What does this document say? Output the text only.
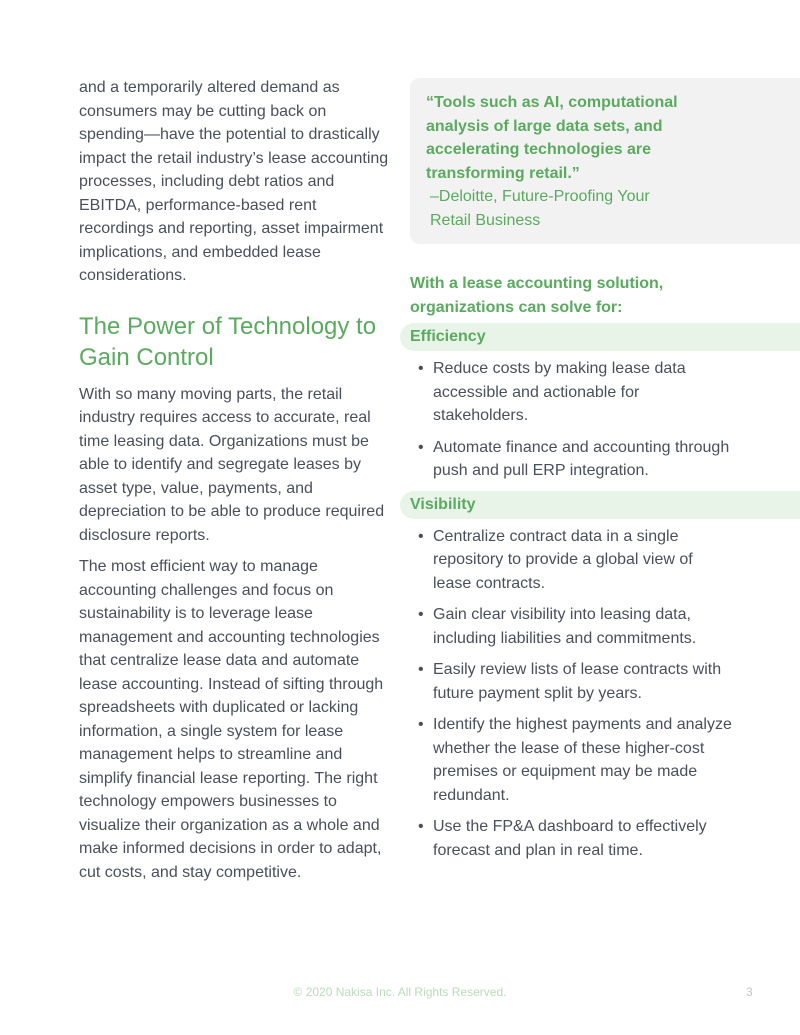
and a temporarily altered demand as consumers may be cutting back on spending—have the potential to drastically impact the retail industry’s lease accounting processes, including debt ratios and EBITDA, performance-based rent recordings and reporting, asset impairment implications, and embedded lease considerations.

The Power of Technology to Gain Control

With so many moving parts, the retail industry requires access to accurate, real time leasing data. Organizations must be able to identify and segregate leases by asset type, value, payments, and depreciation to be able to produce required disclosure reports.

The most efficient way to manage accounting challenges and focus on sustainability is to leverage lease management and accounting technologies that centralize lease data and automate lease accounting. Instead of sifting through spreadsheets with duplicated or lacking information, a single system for lease management helps to streamline and simplify financial lease reporting. The right technology empowers businesses to visualize their organization as a whole and make informed decisions in order to adapt, cut costs, and stay competitive.

“Tools such as AI, computational analysis of large data sets, and accelerating technologies are transforming retail.”

–Deloitte, Future-Proofing Your Retail Business

With a lease accounting solution, organizations can solve for:

Efficiency
• Reduce costs by making lease data accessible and actionable for stakeholders.
• Automate finance and accounting through push and pull ERP integration.
Visibility
• Centralize contract data in a single repository to provide a global view of lease contracts.
• Gain clear visibility into leasing data, including liabilities and commitments.
• Easily review lists of lease contracts with future payment split by years.
• Identify the highest payments and analyze whether the lease of these higher-cost premises or equipment may be made redundant.
• Use the FP&A dashboard to effectively forecast and plan in real time.
© 2020 Nakisa Inc. All Rights Reserved.	3
